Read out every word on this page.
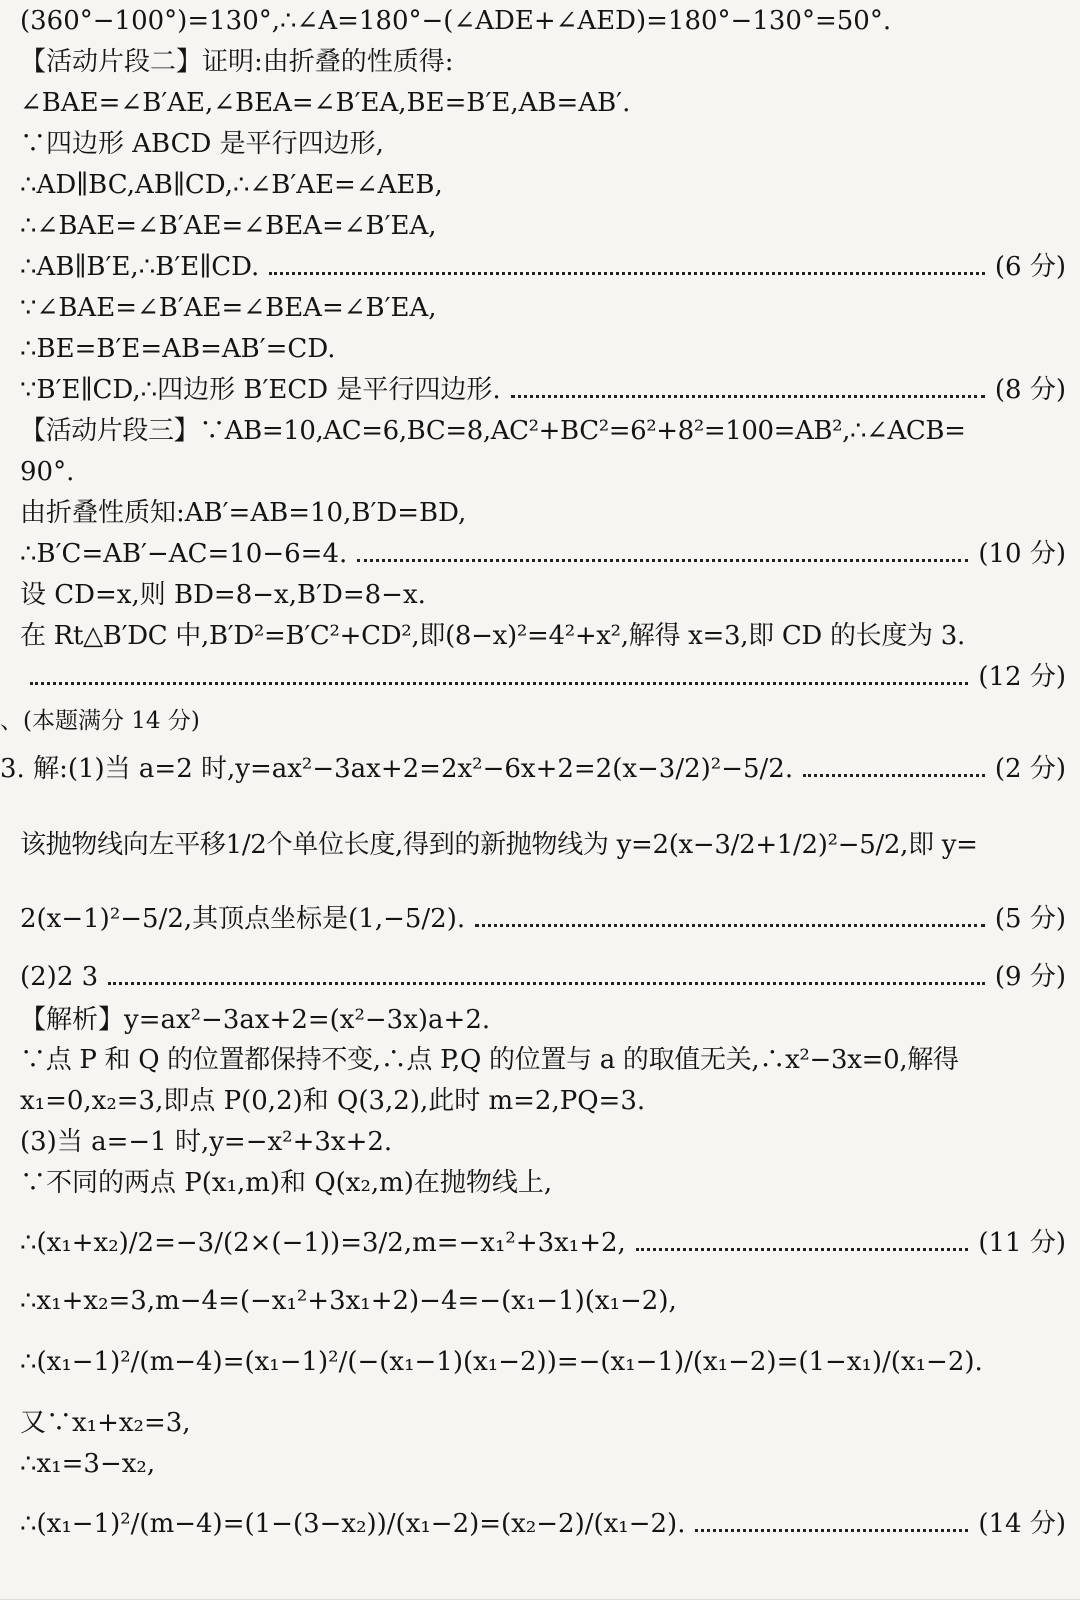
(360°−100°)=130°,∴∠A=180°−(∠ADE+∠AED)=180°−130°=50°.
【活动片段二】证明:由折叠的性质得:
∠BAE=∠B′AE,∠BEA=∠B′EA,BE=B′E,AB=AB′.
∵四边形 ABCD 是平行四边形,
∴AD∥BC,AB∥CD,∴∠B′AE=∠AEB,
∴∠BAE=∠B′AE=∠BEA=∠B′EA,
∴AB∥B′E,∴B′E∥CD.	(6 分)
∵∠BAE=∠B′AE=∠BEA=∠B′EA,
∴BE=B′E=AB=AB′=CD.
∵B′E∥CD,∴四边形 B′ECD 是平行四边形.	(8 分)
【活动片段三】∵AB=10,AC=6,BC=8,AC²+BC²=6²+8²=100=AB²,∴∠ACB=
90°.
由折叠性质知:AB′=AB=10,B′D=BD,
∴B′C=AB′−AC=10−6=4.	(10 分)
设 CD=x,则 BD=8−x,B′D=8−x.
在 Rt△B′DC 中,B′D²=B′C²+CD²,即(8−x)²=4²+x²,解得 x=3,即 CD 的长度为 3.
(12 分)
、(本题满分 14 分)
3. 解:(1)当 a=2 时,y=ax²−3ax+2=2x²−6x+2=2(x−3/2)²−5/2.	(2 分)
该抛物线向左平移1/2个单位长度,得到的新抛物线为 y=2(x−3/2+1/2)²−5/2,即 y=
2(x−1)²−5/2,其顶点坐标是(1,−5/2).	(5 分)
(2)2 3	(9 分)
【解析】y=ax²−3ax+2=(x²−3x)a+2.
∵点 P 和 Q 的位置都保持不变,∴点 P,Q 的位置与 a 的取值无关,∴x²−3x=0,解得
x₁=0,x₂=3,即点 P(0,2)和 Q(3,2),此时 m=2,PQ=3.
(3)当 a=−1 时,y=−x²+3x+2.
∵不同的两点 P(x₁,m)和 Q(x₂,m)在抛物线上,
∴(x₁+x₂)/2=−3/(2×(−1))=3/2,m=−x₁²+3x₁+2,	(11 分)
∴x₁+x₂=3,m−4=(−x₁²+3x₁+2)−4=−(x₁−1)(x₁−2),
∴(x₁−1)²/(m−4)=(x₁−1)²/(−(x₁−1)(x₁−2))=−(x₁−1)/(x₁−2)=(1−x₁)/(x₁−2).
又∵x₁+x₂=3,
∴x₁=3−x₂,
∴(x₁−1)²/(m−4)=(1−(3−x₂))/(x₁−2)=(x₂−2)/(x₁−2).	(14 分)
